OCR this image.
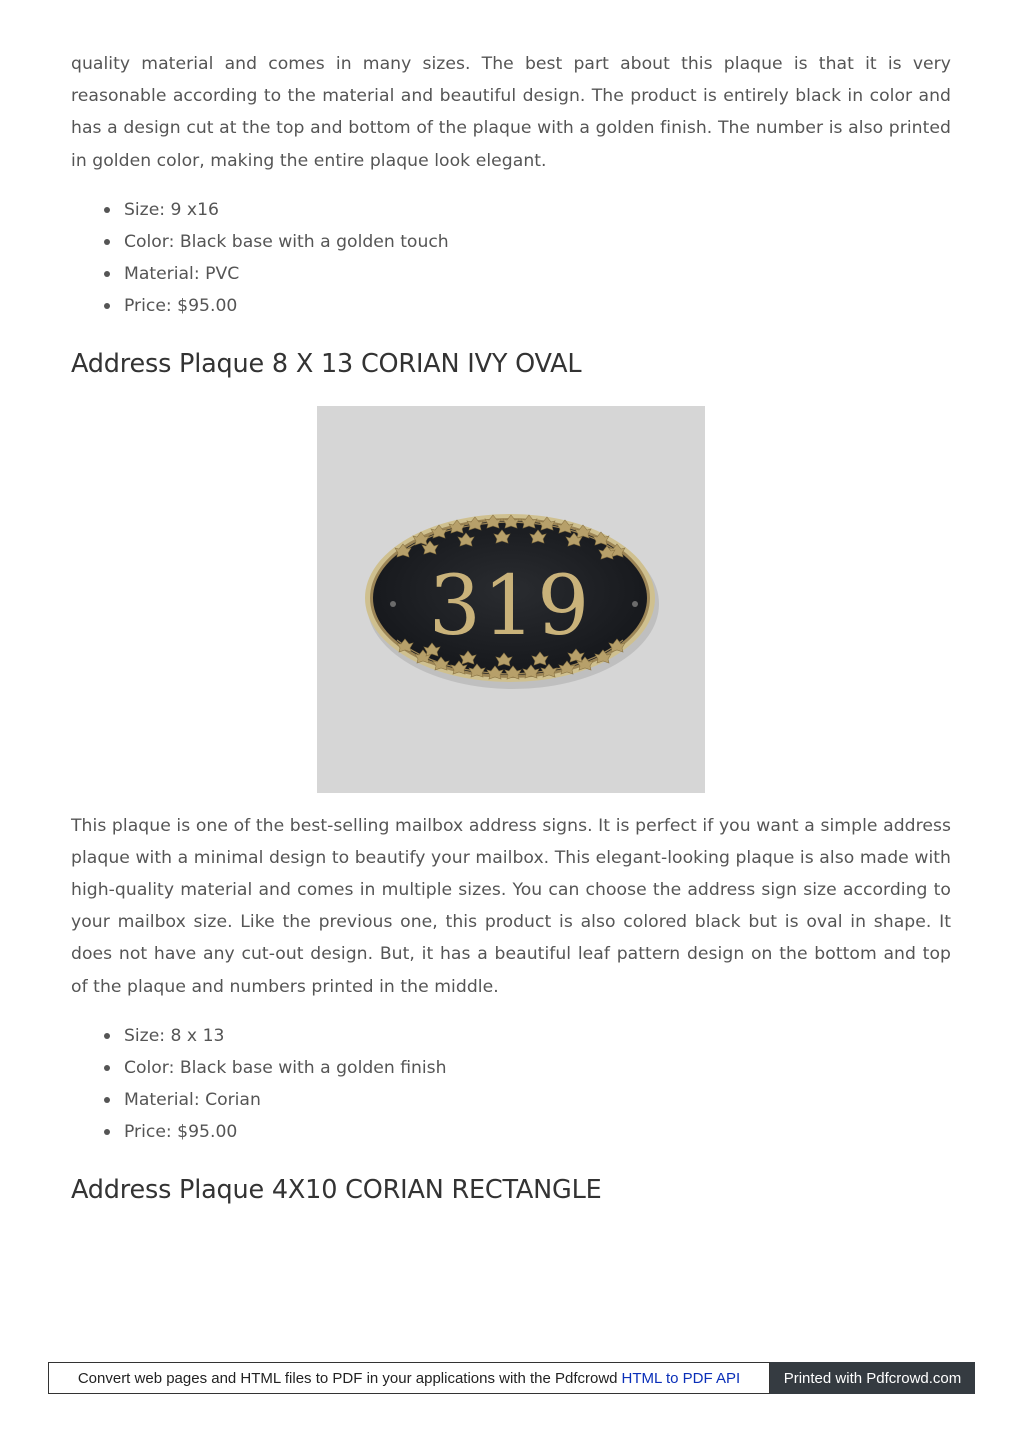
quality material and comes in many sizes. The best part about this plaque is that it is very reasonable according to the material and beautiful design. The product is entirely black in color and has a design cut at the top and bottom of the plaque with a golden finish. The number is also printed in golden color, making the entire plaque look elegant.

Size: 9 x16
Color: Black base with a golden touch
Material: PVC
Price: $95.00
Address Plaque 8 X 13 CORIAN IVY OVAL
319

This plaque is one of the best-selling mailbox address signs. It is perfect if you want a simple address plaque with a minimal design to beautify your mailbox. This elegant-looking plaque is also made with high-quality material and comes in multiple sizes. You can choose the address sign size according to your mailbox size. Like the previous one, this product is also colored black but is oval in shape. It does not have any cut-out design. But, it has a beautiful leaf pattern design on the bottom and top of the plaque and numbers printed in the middle.

Size: 8 x 13
Color: Black base with a golden finish
Material: Corian
Price: $95.00
Address Plaque 4X10 CORIAN RECTANGLE
Convert web pages and HTML files to PDF in your applications with the Pdfcrowd HTML to PDF API	Printed with Pdfcrowd.com
